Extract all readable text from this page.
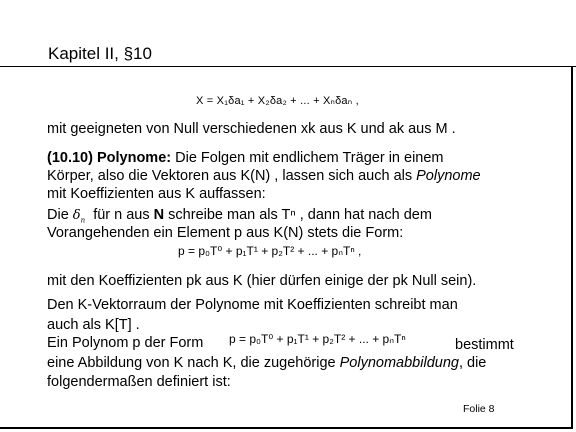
Kapitel II, §10
X = X₁δa₁ + X₂δa₂ + ... + Xₙδaₙ ,
mit geeigneten von Null verschiedenen xk aus K und ak aus M .
(10.10) Polynome: Die Folgen mit endlichem Träger in einem
Körper, also die Vektoren aus K(N) , lassen sich auch als Polynome
mit Koeffizienten aus K auffassen:
Die $\delta_n$ für n aus N schreibe man als Tⁿ , dann hat nach dem
Vorangehenden ein Element p aus K(N) stets die Form:
p = p₀T⁰ + p₁T¹ + p₂T² + ... + pₙTⁿ ,
mit den Koeffizienten pk aus K (hier dürfen einige der pk Null sein).
Den K-Vektorraum der Polynome mit Koeffizienten schreibt man
auch als K[T] .
Ein Polynom p der Form p = p₀T⁰ + p₁T¹ + p₂T² + ... + pₙTⁿ	bestimmt
eine Abbildung von K nach K, die zugehörige Polynomabbildung, die
folgendermaßen definiert ist:
Folie 8
